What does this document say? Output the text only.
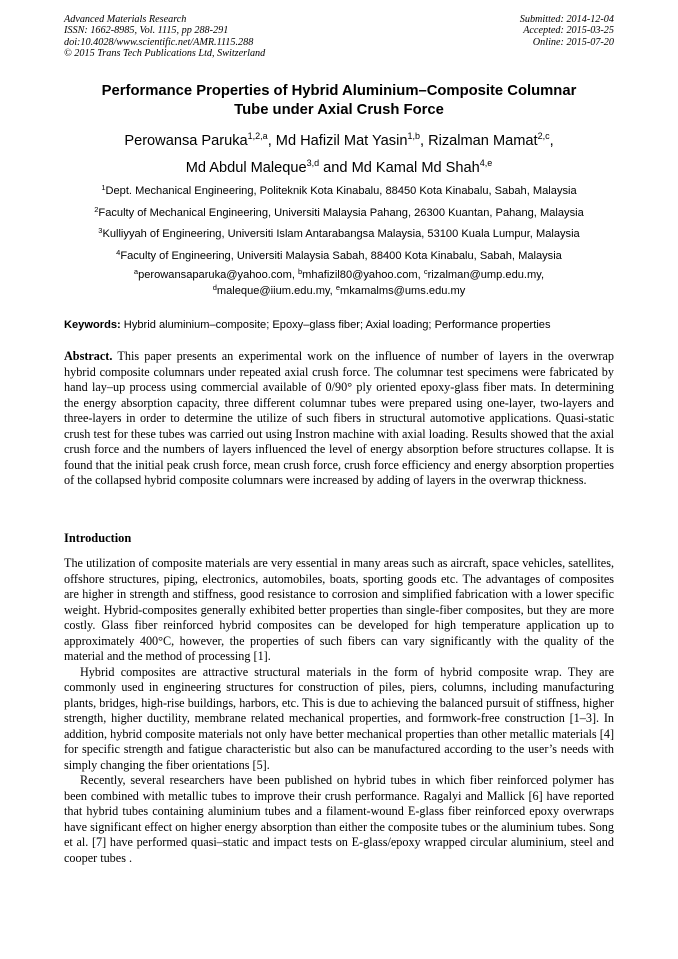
Advanced Materials Research
ISSN: 1662-8985, Vol. 1115, pp 288-291
doi:10.4028/www.scientific.net/AMR.1115.288
© 2015 Trans Tech Publications Ltd, Switzerland
Submitted: 2014-12-04
Accepted: 2015-03-25
Online: 2015-07-20
Performance Properties of Hybrid Aluminium–Composite Columnar
Tube under Axial Crush Force
Perowansa Paruka$^{1,2,a}$, Md Hafizil Mat Yasin$^{1,b}$, Rizalman Mamat$^{2,c}$,
Md Abdul Maleque$^{3,d}$ and Md Kamal Md Shah$^{4,e}$
$^1$Dept. Mechanical Engineering, Politeknik Kota Kinabalu, 88450 Kota Kinabalu, Sabah, Malaysia
$^2$Faculty of Mechanical Engineering, Universiti Malaysia Pahang, 26300 Kuantan, Pahang, Malaysia
$^3$Kulliyyah of Engineering, Universiti Islam Antarabangsa Malaysia, 53100 Kuala Lumpur, Malaysia
$^4$Faculty of Engineering, Universiti Malaysia Sabah, 88400 Kota Kinabalu, Sabah, Malaysia
$^a$perowansaparuka@yahoo.com, $^b$mhafizil80@yahoo.com, $^c$rizalman@ump.edu.my,
$^d$maleque@iium.edu.my, $^e$mkamalms@ums.edu.my
Keywords: Hybrid aluminium–composite; Epoxy–glass fiber; Axial loading; Performance properties
Abstract. This paper presents an experimental work on the influence of number of layers in the overwrap hybrid composite columnars under repeated axial crush force. The columnar test specimens were fabricated by hand lay–up process using commercial available of 0/90° ply oriented epoxy-glass fiber mats. In determining the energy absorption capacity, three different columnar tubes were prepared using one-layer, two-layers and three-layers in order to determine the utilize of such fibers in structural automotive applications. Quasi-static crush test for these tubes was carried out using Instron machine with axial loading. Results showed that the axial crush force and the numbers of layers influenced the level of energy absorption before structures collapse. It is found that the initial peak crush force, mean crush force, crush force efficiency and energy absorption properties of the collapsed hybrid composite columnars were increased by adding of layers in the overwrap thickness.
Introduction

The utilization of composite materials are very essential in many areas such as aircraft, space vehicles, satellites, offshore structures, piping, electronics, automobiles, boats, sporting goods etc. The advantages of composites are higher in strength and stiffness, good resistance to corrosion and simplified fabrication with a lower specific weight. Hybrid-composites generally exhibited better properties than single-fiber composites, but they are more costly. Glass fiber reinforced hybrid composites can be developed for high temperature application up to approximately 400°C, however, the properties of such fibers can vary significantly with the quality of the material and the method of processing [1].

Hybrid composites are attractive structural materials in the form of hybrid composite wrap. They are commonly used in engineering structures for construction of piles, piers, columns, including manufacturing plants, bridges, high-rise buildings, harbors, etc. This is due to achieving the balanced pursuit of stiffness, higher strength, higher ductility, membrane related mechanical properties, and formwork-free construction [1–3]. In addition, hybrid composite materials not only have better mechanical properties than other metallic materials [4] for specific strength and fatigue characteristic but also can be manufactured according to the user’s needs with simply changing the fiber orientations [5].

Recently, several researchers have been published on hybrid tubes in which fiber reinforced polymer has been combined with metallic tubes to improve their crush performance. Ragalyi and Mallick [6] have reported that hybrid tubes containing aluminium tubes and a filament-wound E-glass fiber reinforced epoxy overwraps have significant effect on higher energy absorption than either the composite tubes or the aluminium tubes. Song et al. [7] have performed quasi–static and impact tests on E-glass/epoxy wrapped circular aluminium, steel and cooper tubes .
